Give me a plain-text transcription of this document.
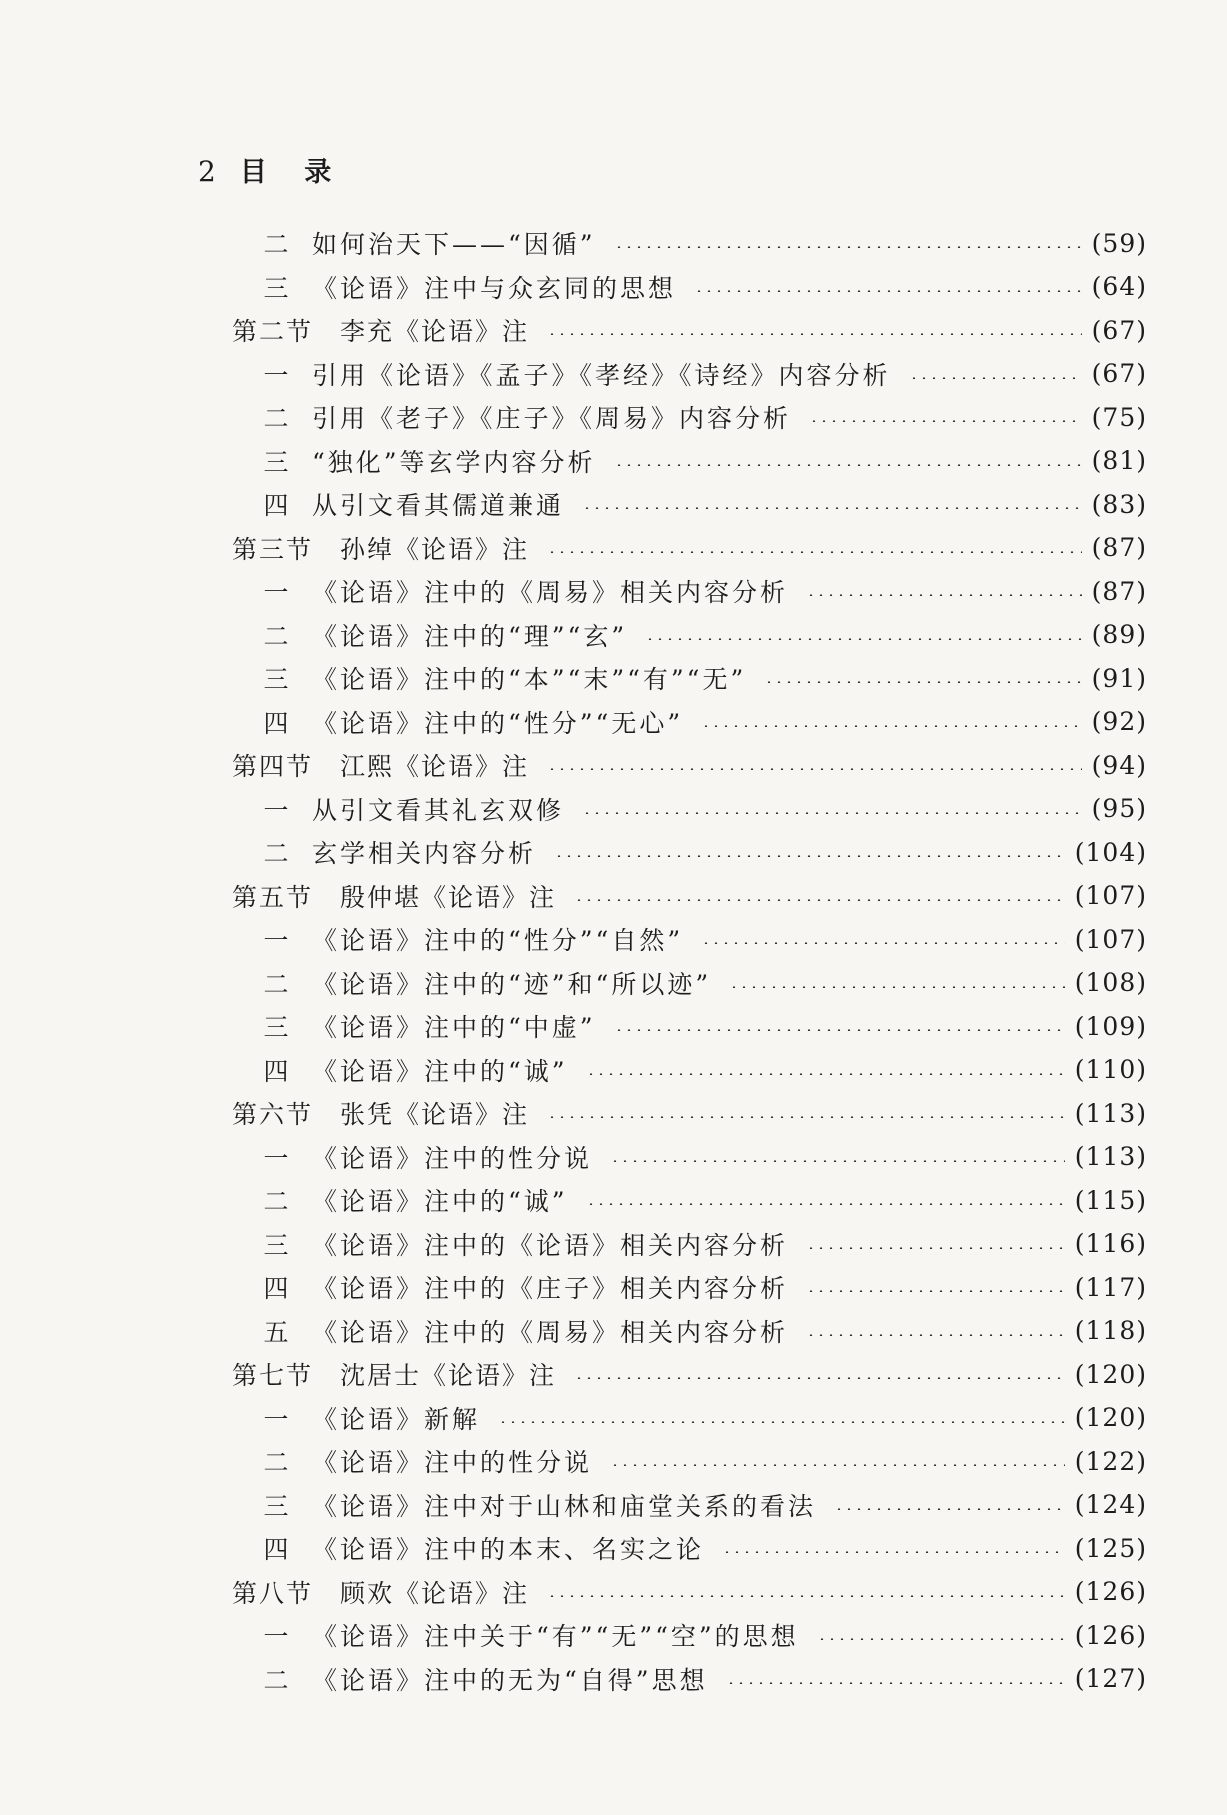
2 目 录
二 如何治天下——“因循”	(59)
三 《论语》注中与众玄同的思想	(64)
第二节　李充《论语》注	(67)
一 引用《论语》《孟子》《孝经》《诗经》内容分析	(67)
二 引用《老子》《庄子》《周易》内容分析	(75)
三 “独化”等玄学内容分析	(81)
四 从引文看其儒道兼通	(83)
第三节　孙绰《论语》注	(87)
一 《论语》注中的《周易》相关内容分析	(87)
二 《论语》注中的“理”“玄”	(89)
三 《论语》注中的“本”“末”“有”“无”	(91)
四 《论语》注中的“性分”“无心”	(92)
第四节　江熙《论语》注	(94)
一 从引文看其礼玄双修	(95)
二 玄学相关内容分析	(104)
第五节　殷仲堪《论语》注	(107)
一 《论语》注中的“性分”“自然”	(107)
二 《论语》注中的“迹”和“所以迹”	(108)
三 《论语》注中的“中虚”	(109)
四 《论语》注中的“诚”	(110)
第六节　张凭《论语》注	(113)
一 《论语》注中的性分说	(113)
二 《论语》注中的“诚”	(115)
三 《论语》注中的《论语》相关内容分析	(116)
四 《论语》注中的《庄子》相关内容分析	(117)
五 《论语》注中的《周易》相关内容分析	(118)
第七节　沈居士《论语》注	(120)
一 《论语》新解	(120)
二 《论语》注中的性分说	(122)
三 《论语》注中对于山林和庙堂关系的看法	(124)
四 《论语》注中的本末、名实之论	(125)
第八节　顾欢《论语》注	(126)
一 《论语》注中关于“有”“无”“空”的思想	(126)
二 《论语》注中的无为“自得”思想	(127)
